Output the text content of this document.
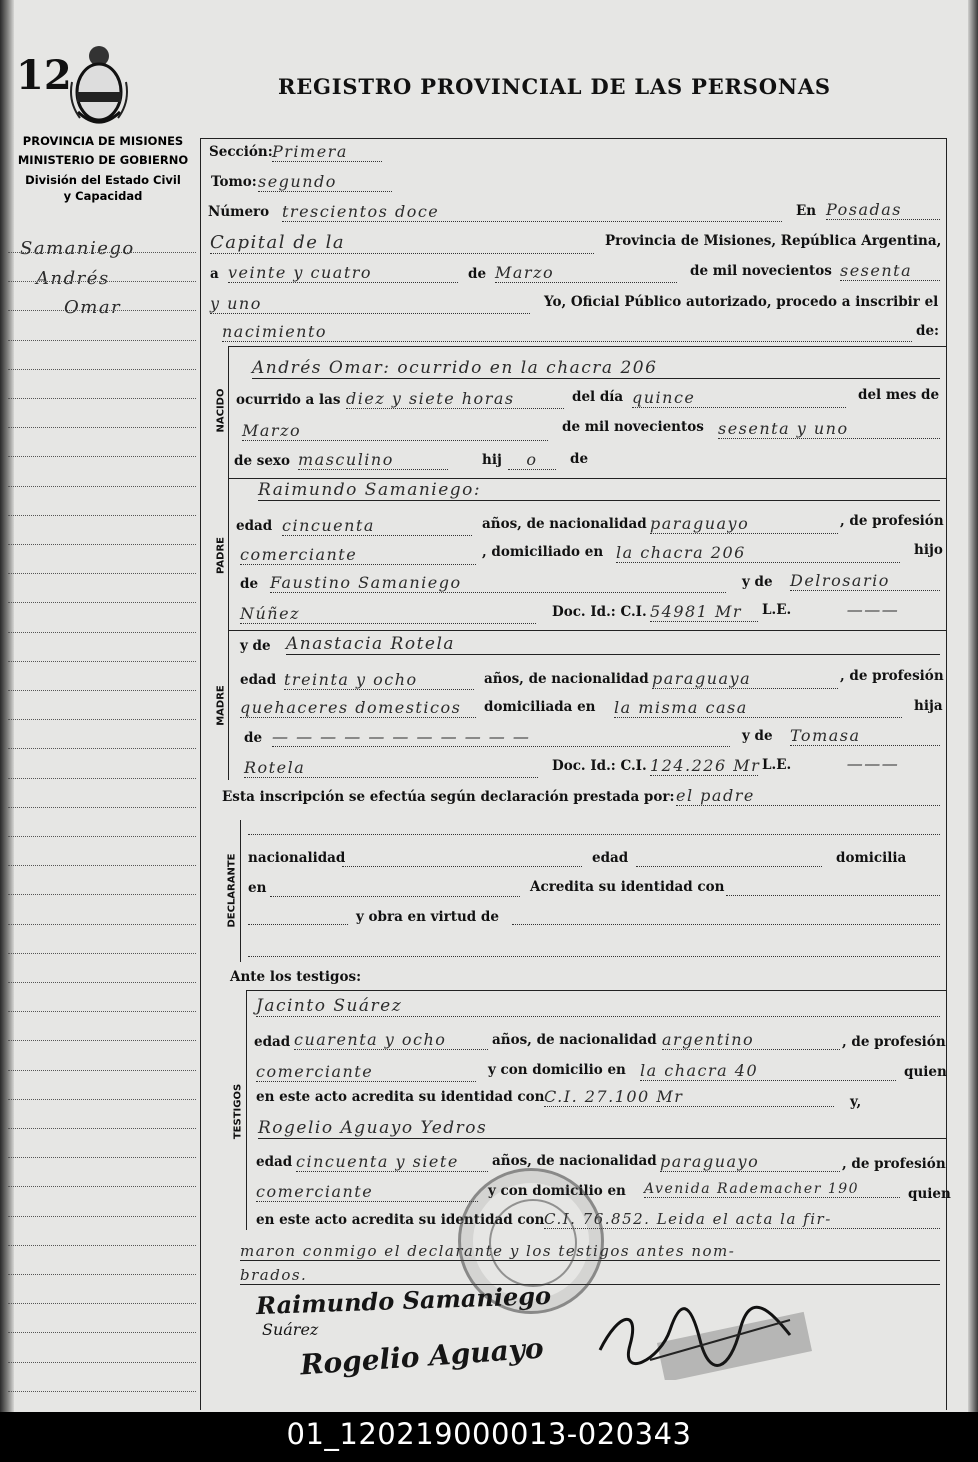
12	REGISTRO PROVINCIAL DE LAS PERSONAS
PROVINCIA DE MISIONES
MINISTERIO DE GOBIERNO
División del Estado Civil
y Capacidad
Samaniego
Andrés
Omar
Sección: Primera
Tomo: segundo
Número trescientos doce	En Posadas
Capital de la	Provincia de Misiones, República Argentina,
a veinte y cuatro	de Marzo	de mil novecientos sesenta
y uno	Yo, Oficial Público autorizado, procedo a inscribir el
nacimiento	de:
NACIDO
Andrés Omar: ocurrido en la chacra 206
ocurrido a las diez y siete horas	del día quince	del mes de
Marzo	de mil novecientos sesenta y uno
de sexo masculino	hij	o	de
PADRE
Raimundo Samaniego:
edad cincuenta	años, de nacionalidad paraguayo	, de profesión
comerciante	, domiciliado en la chacra 206	hijo
de Faustino Samaniego	y de Delrosario
Núñez	Doc. Id.: C.I. 54981 Mr	L.E.	———
MADRE
y de Anastacia Rotela
edad treinta y ocho	años, de nacionalidad paraguaya	, de profesión
quehaceres domesticos	domiciliada en la misma casa	hija
de — — — — — — — — — — —	y de Tomasa
Rotela	Doc. Id.: C.I. 124.226 Mr L.E.	———
Esta inscripción se efectúa según declaración prestada por: el padre
DECLARANTE nacionalidad	edad	domicilia
en	Acredita su identidad con
y obra en virtud de
Ante los testigos:
TESTIGOS
Jacinto Suárez
edad cuarenta y ocho	años, de nacionalidad argentino	, de profesión
comerciante	y con domicilio en la chacra 40	quien
en este acto acredita su identidad con C.I. 27.100 Mr	y,
Rogelio Aguayo Yedros
edad cincuenta y siete	años, de nacionalidad paraguayo	, de profesión
comerciante	y con domicilio en Avenida Rademacher 190	quien
en este acto acredita su identidad con C.I. 76.852. Leida el acta la fir-
maron conmigo el declarante y los testigos antes nom-
brados.
Raimundo Samaniego
Suárez
Rogelio Aguayo
01_120219000013-020343
